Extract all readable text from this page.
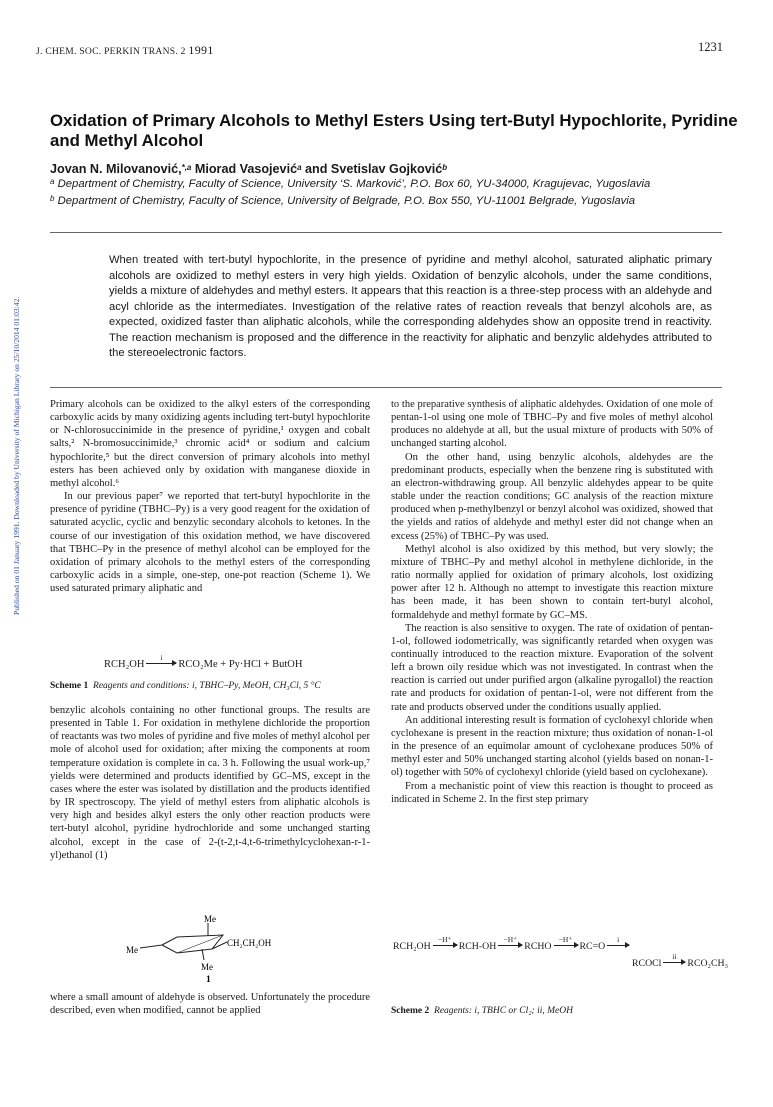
J. CHEM. SOC. PERKIN TRANS. 2 1991	1231
Published on 01 January 1991. Downloaded by University of Michigan Library on 25/10/2014 01:03:42.
Oxidation of Primary Alcohols to Methyl Esters Using tert-Butyl Hypochlorite, Pyridine and Methyl Alcohol
Jovan N. Milovanović,$^{*,a}$ Miorad Vasojević$^a$ and Svetislav Gojković$^b$
$^a$ Department of Chemistry, Faculty of Science, University ‘S. Marković’, P.O. Box 60, YU-34000, Kragujevac, Yugoslavia
$^b$ Department of Chemistry, Faculty of Science, University of Belgrade, P.O. Box 550, YU-11001 Belgrade, Yugoslavia
When treated with tert-butyl hypochlorite, in the presence of pyridine and methyl alcohol, saturated aliphatic primary alcohols are oxidized to methyl esters in very high yields. Oxidation of benzylic alcohols, under the same conditions, yields a mixture of aldehydes and methyl esters. It appears that this reaction is a three-step process with an aldehyde and acyl chloride as the intermediates. Investigation of the relative rates of reaction reveals that benzyl alcohols are, as expected, oxidized faster than aliphatic alcohols, while the corresponding aldehydes show an opposite trend in reactivity. The reaction mechanism is proposed and the difference in the reactivity for aliphatic and benzylic aldehydes attributed to the stereoelectronic factors.

Primary alcohols can be oxidized to the alkyl esters of the corresponding carboxylic acids by many oxidizing agents including tert-butyl hypochlorite or N-chlorosuccinimide in the presence of pyridine,¹ oxygen and cobalt salts,² N-bromosuccinimide,³ chromic acid⁴ or sodium and calcium hypochlorite,⁵ but the direct conversion of primary alcohols into methyl esters has been achieved only by oxidation with manganese dioxide in methyl alcohol.⁶

In our previous paper⁷ we reported that tert-butyl hypochlorite in the presence of pyridine (TBHC–Py) is a very good reagent for the oxidation of saturated acyclic, cyclic and benzylic secondary alcohols to ketones. In the course of our investigation of this oxidation method, we have discovered that TBHC–Py in the presence of methyl alcohol can be employed for the oxidation of primary alcohols to the methyl esters of the corresponding carboxylic acids in a simple, one-step, one-pot reaction (Scheme 1). We used saturated primary aliphatic and

RCH₂OH
i
RCO₂Me + Py·HCl + ButOH
Scheme 1 Reagents and conditions: i, TBHC–Py, MeOH, CH₃Cl, 5 °C

benzylic alcohols containing no other functional groups. The results are presented in Table 1. For oxidation in methylene dichloride the proportion of reactants was two moles of pyridine and five moles of methyl alcohol per mole of alcohol used for oxidation; after mixing the components at room temperature oxidation is complete in ca. 3 h. Following the usual work-up,⁷ yields were determined and products identified by GC–MS, except in the cases where the ester was isolated by distillation and the products identified by IR spectroscopy. The yield of methyl esters from aliphatic alcohols is very high and besides alkyl esters the only other reaction products were tert-butyl alcohol, pyridine hydrochloride and some unchanged starting alcohol, except in the case of 2-(t-2,t-4,t-6-trimethylcyclohexan-r-1-yl)ethanol (1)

Me
Me
Me
CH₂CH₂OH
1

where a small amount of aldehyde is observed. Unfortunately the procedure described, even when modified, cannot be applied

to the preparative synthesis of aliphatic aldehydes. Oxidation of one mole of pentan-1-ol using one mole of TBHC–Py and five moles of methyl alcohol produces no aldehyde at all, but the usual mixture of products with 50% of unchanged starting alcohol.

On the other hand, using benzylic alcohols, aldehydes are the predominant products, especially when the benzene ring is substituted with an electron-withdrawing group. All benzylic aldehydes appear to be quite stable under the reaction conditions; GC analysis of the reaction mixture produced when p-methylbenzyl or benzyl alcohol was oxidized, showed that the yields and ratios of aldehyde and methyl ester did not change when an excess (25%) of TBHC–Py was used.

Methyl alcohol is also oxidized by this method, but very slowly; the mixture of TBHC–Py and methyl alcohol in methylene dichloride, in the ratio normally applied for oxidation of primary alcohols, lost oxidizing power after 12 h. Although no attempt to investigate this reaction mixture has been made, it has been shown to contain tert-butyl alcohol, formaldehyde and methyl formate by GC–MS.

The reaction is also sensitive to oxygen. The rate of oxidation of pentan-1-ol, followed iodometrically, was significantly retarded when oxygen was continually introduced to the reaction mixture. Evaporation of the solvent left a brown oily residue which was not investigated. In contrast when the reaction is carried out under purified argon (alkaline pyrogallol) the reaction rate and products for oxidation of pentan-1-ol, were not different from the rate and products observed under the conditions usually applied.

An additional interesting result is formation of cyclohexyl chloride when cyclohexane is present in the reaction mixture; thus oxidation of nonan-1-ol in the presence of an equimolar amount of cyclohexane produces 50% of methyl ester and 50% unchanged starting alcohol (yields based on nonan-1-ol) together with 50% of cyclohexyl chloride (yield based on cyclohexane).

From a mechanistic point of view this reaction is thought to proceed as indicated in Scheme 2. In the first step primary

RCH₂OH
−H⁺
RCH-OH
−H⁺
RCHO
−H⁺
RC=O
i
RCOCl
ii
RCO₂CH₃
Scheme 2 Reagents: i, TBHC or Cl₂; ii, MeOH
